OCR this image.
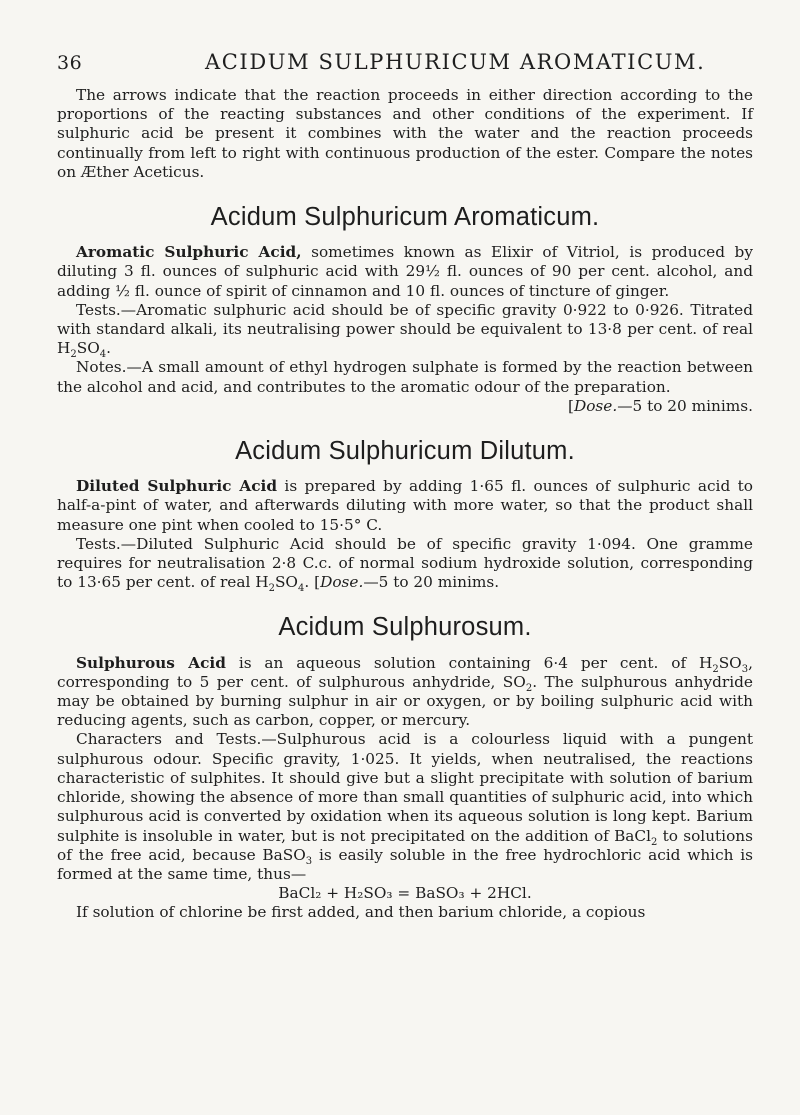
36	ACIDUM SULPHURICUM AROMATICUM.

The arrows indicate that the reaction proceeds in either direction according to the proportions of the reacting substances and other conditions of the experiment. If sulphuric acid be present it combines with the water and the reaction proceeds continually from left to right with continuous production of the ester. Compare the notes on Æther Aceticus.

Acidum Sulphuricum Aromaticum.

Aromatic Sulphuric Acid, sometimes known as Elixir of Vitriol, is produced by diluting 3 fl. ounces of sulphuric acid with 29½ fl. ounces of 90 per cent. alcohol, and adding ½ fl. ounce of spirit of cinnamon and 10 fl. ounces of tincture of ginger.

Tests.—Aromatic sulphuric acid should be of specific gravity 0·922 to 0·926. Titrated with standard alkali, its neutralising power should be equivalent to 13·8 per cent. of real $H_2SO_4$.

Notes.—A small amount of ethyl hydrogen sulphate is formed by the reaction between the alcohol and acid, and contributes to the aromatic odour of the preparation.

[Dose.—5 to 20 minims.

Acidum Sulphuricum Dilutum.

Diluted Sulphuric Acid is prepared by adding 1·65 fl. ounces of sulphuric acid to half-a-pint of water, and afterwards diluting with more water, so that the product shall measure one pint when cooled to 15·5° C.

Tests.—Diluted Sulphuric Acid should be of specific gravity 1·094. One gramme requires for neutralisation 2·8 C.c. of normal sodium hydroxide solution, corresponding to 13·65 per cent. of real $H_2SO_4$. [Dose.—5 to 20 minims.

Acidum Sulphurosum.

Sulphurous Acid is an aqueous solution containing 6·4 per cent. of $H_2SO_3$, corresponding to 5 per cent. of sulphurous anhydride, $SO_2$. The sulphurous anhydride may be obtained by burning sulphur in air or oxygen, or by boiling sulphuric acid with reducing agents, such as carbon, copper, or mercury.

Characters and Tests.—Sulphurous acid is a colourless liquid with a pungent sulphurous odour. Specific gravity, 1·025. It yields, when neutralised, the reactions characteristic of sulphites. It should give but a slight precipitate with solution of barium chloride, showing the absence of more than small quantities of sulphuric acid, into which sulphurous acid is converted by oxidation when its aqueous solution is long kept. Barium sulphite is insoluble in water, but is not precipitated on the addition of BaCl$_2$ to solutions of the free acid, because BaSO$_3$ is easily soluble in the free hydrochloric acid which is formed at the same time, thus—

BaCl₂ + H₂SO₃ = BaSO₃ + 2HCl.

If solution of chlorine be first added, and then barium chloride, a copious
